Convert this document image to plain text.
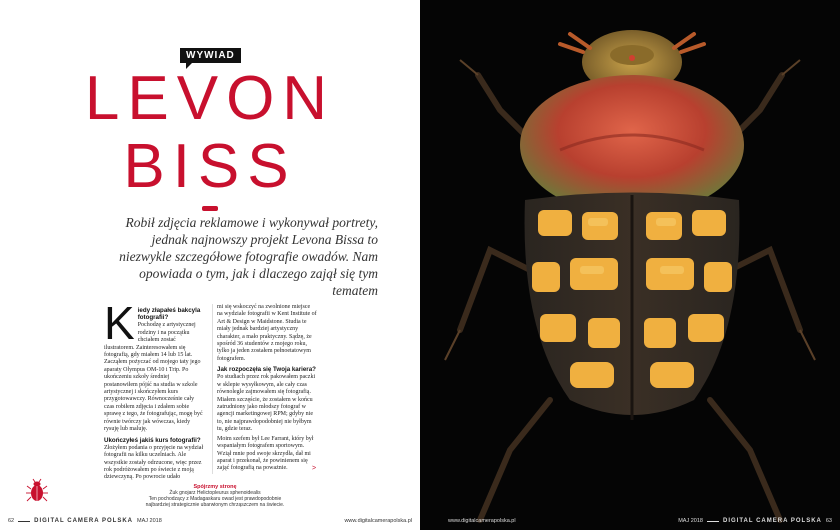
WYWIAD
LEVON
BISS
Robił zdjęcia reklamowe i wykonywał portrety, jednak najnowszy projekt Levona Bissa to niezwykle szczegółowe fotografie owadów. Nam opowiada o tym, jak i dlaczego zajął się tym tematem
K iedy złapałeś bakcyla fotografii?

Pochodzę z artystycznej rodziny i na początku chciałem zostać ilustratorem. Zainteresowałem się fotografią, gdy miałem 14 lub 15 lat. Zacząłem pożyczać od mojego taty jego aparaty Olympus OM-10 i Trip. Po ukończeniu szkoły średniej postanowiłem pójść na studia w szkole artystycznej i skończyłem kurs przygotowawczy. Równocześnie cały czas robiłem zdjęcia i zdałem sobie sprawę z tego, że fotografując, mogę być równie twórczy jak wówczas, kiedy rysuję lub maluję.

Ukończyłeś jakiś kurs fotografii?

Złożyłem podania o przyjęcie na wydział fotografii na kilku uczelniach. Ale wszystkie zostały odrzucone, więc przez rok podróżowałem po świecie z moją dziewczyną. Po powrocie udało

mi się wskoczyć na zwolnione miejsce na wydziale fotografii w Kent Institute of Art & Design w Maidstone. Studia te miały jednak bardziej artystyczny charakter, a mało praktyczny. Sądzę, że spośród 36 studentów z mojego roku, tylko ja jeden zostałem pełnoetatowym fotografem.

Jak rozpoczęła się Twoja kariera?

Po studiach przez rok pakowałem paczki w sklepie wysyłkowym, ale cały czas równolegle zajmowałem się fotografią. Miałem szczęście, że zostałem w końcu zatrudniony jako młodszy fotograf w agencji marketingowej RPM; gdyby nie to, nie najprawdopodobniej nie byłbym tu, gdzie teraz.

Moim szefem był Lee Farrant, który był wspaniałym fotografem sportowym. Wziął mnie pod swoje skrzydła, dał mi aparat i przekonał, że powinienem się zająć fotografią na poważnie.	>
Spójrzmy stronę
Żuk gnojarz Helictopleurus sphenoidealis
Ten pochodzący z Madagaskaru owad jest prawdopodobnie
najbardziej strategicznie ubarwionym chrząszczem na świecie.
62	DIGITAL CAMERA POLSKA MAJ 2018	www.digitalcamerapolska.pl	www.digitalcamerapolska.pl	MAJ 2018	DIGITAL CAMERA POLSKA 63
